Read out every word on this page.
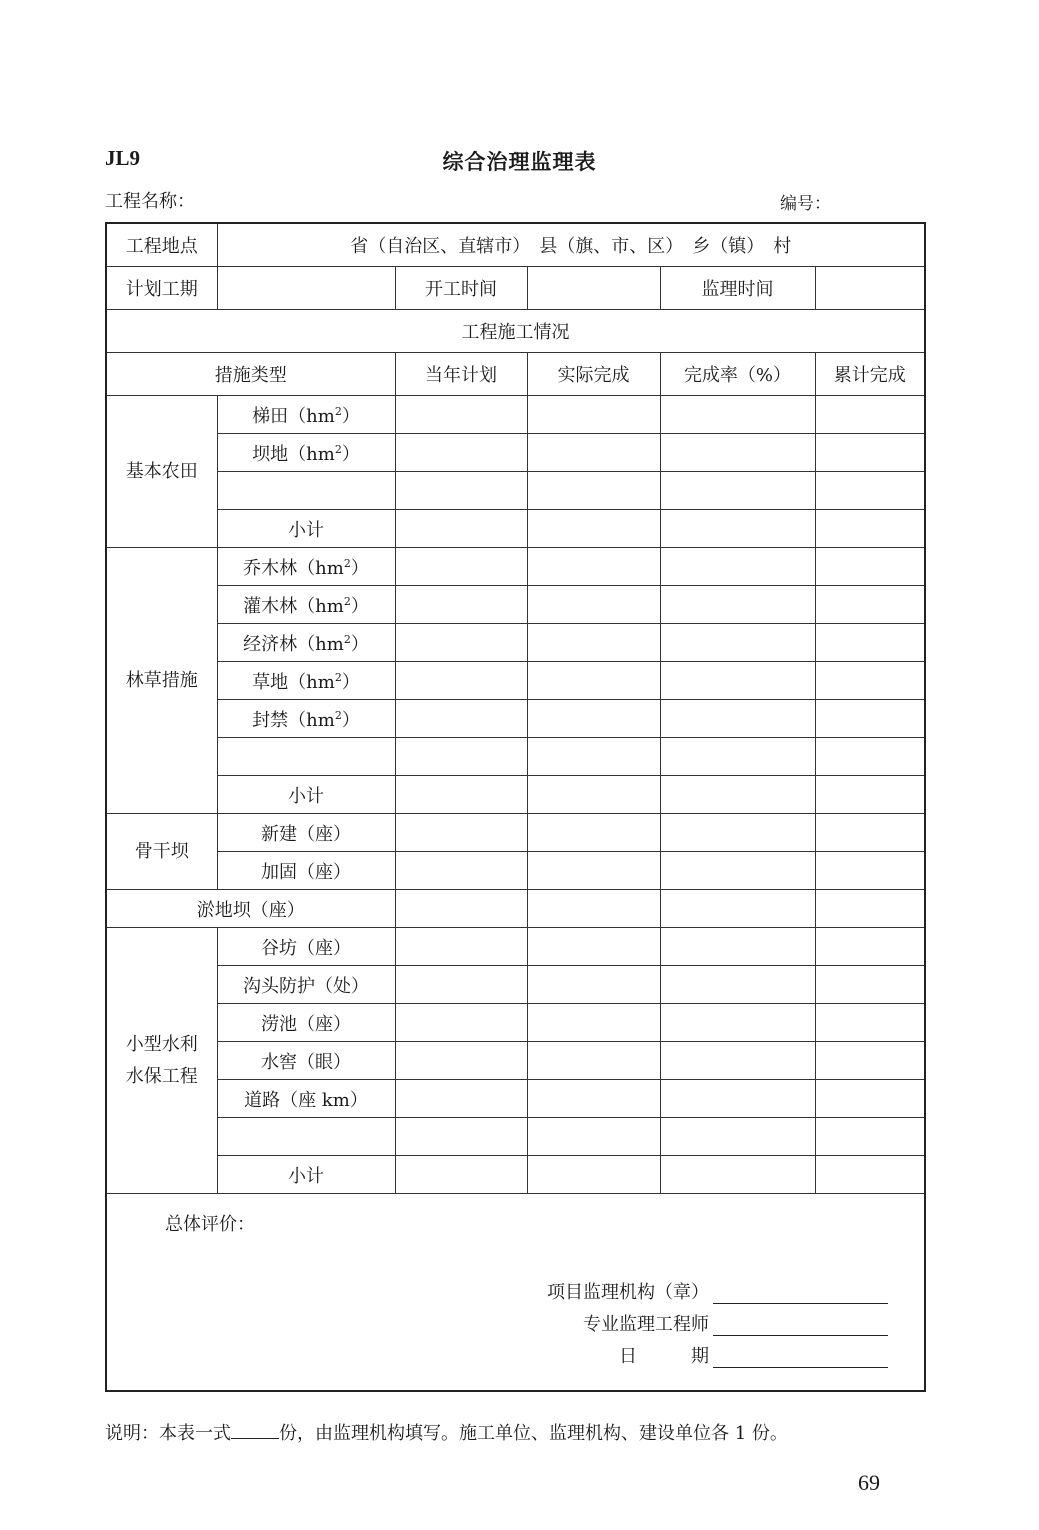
JL9	综合治理监理表
工程名称：	编号：
工程地点	省（自治区、直辖市）　县（旗、市、区）　乡（镇）　村				
计划工期		开工时间		监理时间	
工程施工情况					
措施类型		当年计划	实际完成	完成率（%）	累计完成
基本农田	梯田$(hm^2)$				
	坝地$(hm^2)$				

	小计				
林草措施	乔木林$(hm^2)$				
	灌木林$(hm^2)$				
	经济林$(hm^2)$				
	草地$(hm^2)$				
	封禁$(hm^2)$				

	小计				
骨干坝	新建（座）				
	加固（座）				
淤地坝（座）					

小型水利
水保工程	谷坊（座）				
	沟头防护（处）				
	涝池（座）				
	水窖（眼）				
	道路（座 km）				

	小计				

总体评价：
项目监理机构（章）
专业监理工程师
日　　　期					
说明：本表一式	份，由监理机构填写。施工单位、监理机构、建设单位各 1 份。
69
